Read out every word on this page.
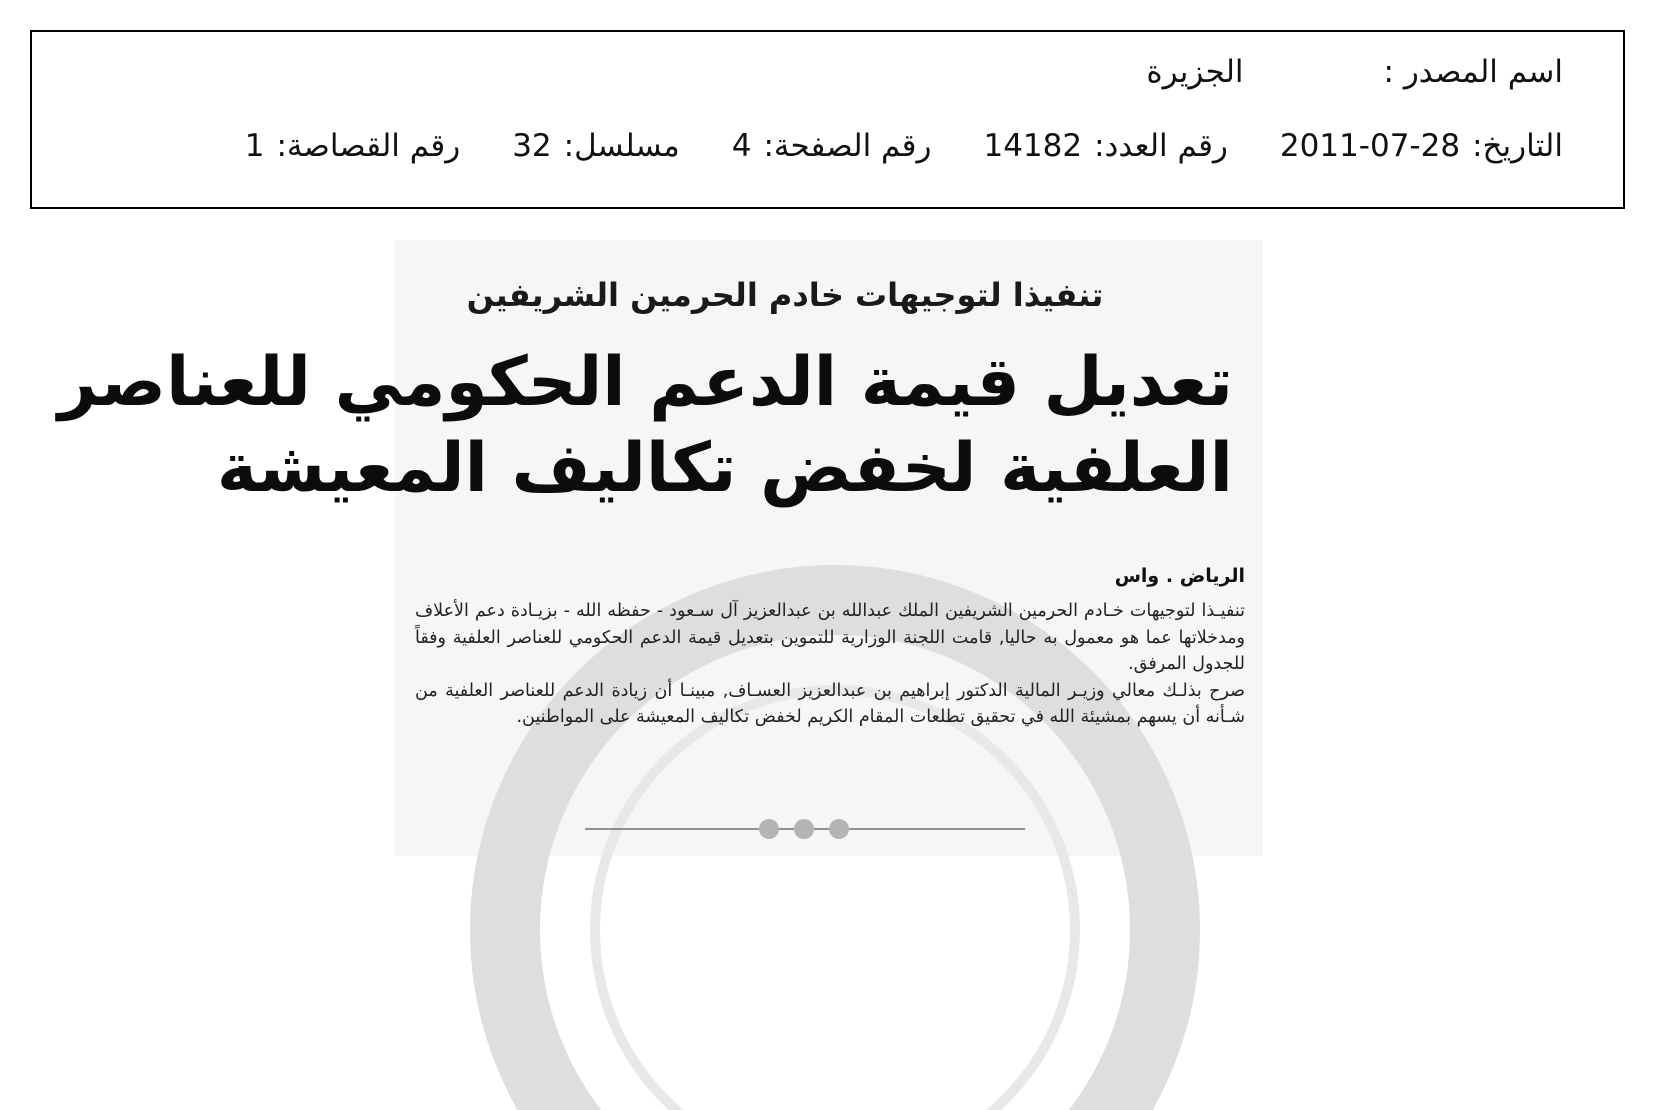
اسم المصدر :الجزيرة
التاريخ:2011-07-28رقم العدد:14182رقم الصفحة:4مسلسل:32رقم القصاصة:1
تنفيذا لتوجيهات خادم الحرمين الشريفين
تعديل قيمة الدعم الحكومي للعناصر
العلفية لخفض تكاليف المعيشة
الرياض . واس

تنفيـذا لتوجيهات خـادم الحرمين الشريفين الملك عبدالله بن عبدالعزيز آل سـعود - حفظه الله - بزيـادة دعم الأعلاف ومدخلاتها عما هو معمول به حاليا, قامت اللجنة الوزارية للتموين بتعديل قيمة الدعم الحكومي للعناصر العلفية وفقاً للجدول المرفق.

صرح بذلـك معالي وزيـر المالية الدكتور إبراهيم بن عبدالعزيز العسـاف, مبينـا أن زيادة الدعم للعناصر العلفية من شـأنه أن يسهم بمشيئة الله في تحقيق تطلعات المقام الكريم لخفض تكاليف المعيشة على المواطنين.
